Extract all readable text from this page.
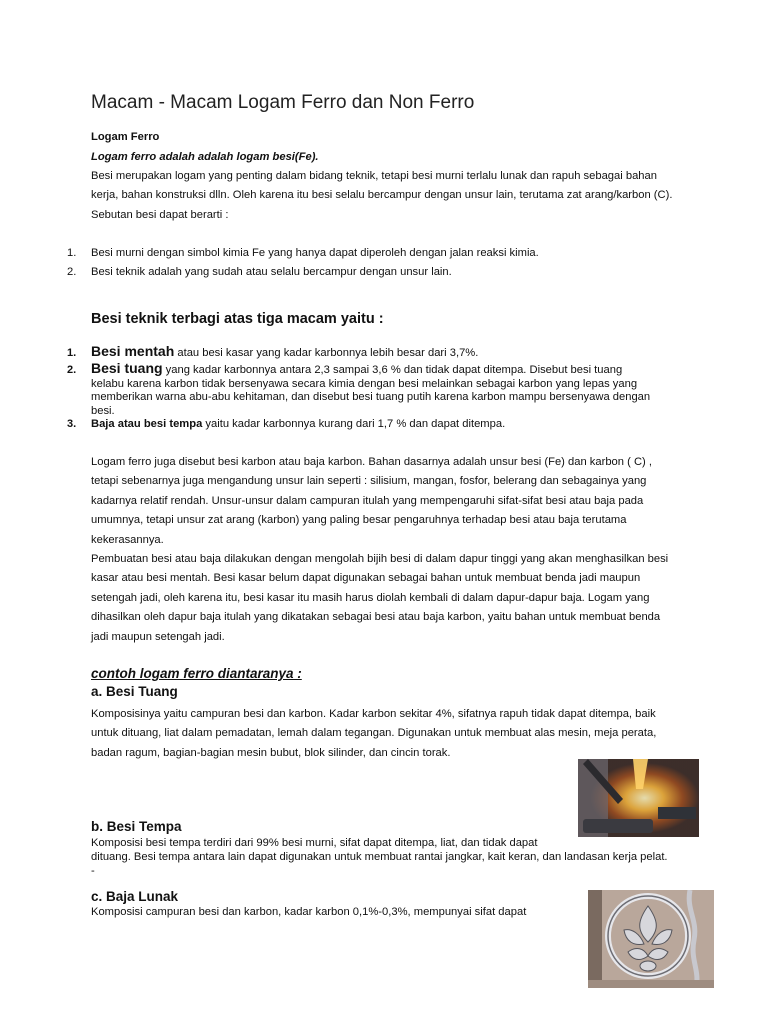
Macam - Macam Logam Ferro dan Non Ferro
Logam Ferro
Logam ferro adalah adalah logam besi(Fe).
Besi merupakan logam yang penting dalam bidang teknik, tetapi besi murni terlalu lunak dan rapuh sebagai bahan
kerja, bahan konstruksi dlln. Oleh karena itu besi selalu bercampur dengan unsur lain, terutama zat arang/karbon (C).
Sebutan besi dapat berarti :
1.	Besi murni dengan simbol kimia Fe yang hanya dapat diperoleh dengan jalan reaksi kimia.
2.	Besi teknik adalah yang sudah atau selalu bercampur dengan unsur lain.
Besi teknik terbagi atas tiga macam yaitu :
1.	Besi mentah atau besi kasar yang kadar karbonnya lebih besar dari 3,7%.
2.	Besi tuang yang kadar karbonnya antara 2,3 sampai 3,6 % dan tidak dapat ditempa. Disebut besi tuang
kelabu karena karbon tidak bersenyawa secara kimia dengan besi melainkan sebagai karbon yang lepas yang
memberikan warna abu-abu kehitaman, dan disebut besi tuang putih karena karbon mampu bersenyawa dengan
besi.
3.	Baja atau besi tempa yaitu kadar karbonnya kurang dari 1,7 % dan dapat ditempa.
Logam ferro juga disebut besi karbon atau baja karbon. Bahan dasarnya adalah unsur besi (Fe) dan karbon ( C) ,
tetapi sebenarnya juga mengandung unsur lain seperti : silisium, mangan, fosfor, belerang dan sebagainya yang
kadarnya relatif rendah. Unsur-unsur dalam campuran itulah yang mempengaruhi sifat-sifat besi atau baja pada
umumnya, tetapi unsur zat arang (karbon) yang paling besar pengaruhnya terhadap besi atau baja terutama
kekerasannya.
Pembuatan besi atau baja dilakukan dengan mengolah bijih besi di dalam dapur tinggi yang akan menghasilkan besi
kasar atau besi mentah. Besi kasar belum dapat digunakan sebagai bahan untuk membuat benda jadi maupun
setengah jadi, oleh karena itu, besi kasar itu masih harus diolah kembali di dalam dapur-dapur baja. Logam yang
dihasilkan oleh dapur baja itulah yang dikatakan sebagai besi atau baja karbon, yaitu bahan untuk membuat benda
jadi maupun setengah jadi.
contoh logam ferro diantaranya :
a. Besi Tuang
Komposisinya yaitu campuran besi dan karbon. Kadar karbon sekitar 4%, sifatnya rapuh tidak dapat ditempa, baik
untuk dituang, liat dalam pemadatan, lemah dalam tegangan. Digunakan untuk membuat alas mesin, meja perata,
badan ragum, bagian-bagian mesin bubut, blok silinder, dan cincin torak.
b. Besi Tempa
Komposisi besi tempa terdiri dari 99% besi murni, sifat dapat ditempa, liat, dan tidak dapat
dituang. Besi tempa antara lain dapat digunakan untuk membuat rantai jangkar, kait keran, dan landasan kerja pelat.
-
c. Baja Lunak
Komposisi campuran besi dan karbon, kadar karbon 0,1%-0,3%, mempunyai sifat dapat
